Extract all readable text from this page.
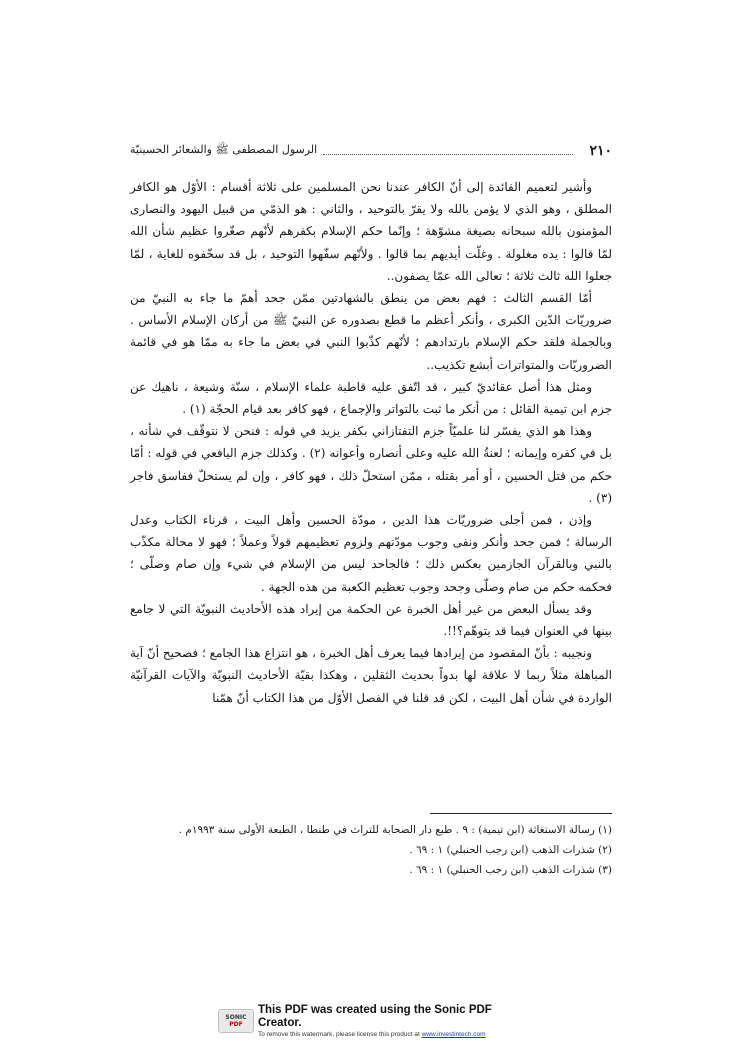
٢١٠
الرسول المصطفى ﷺ والشعائر الحسينيّة

وأشير لتعميم الفائدة إلى أنّ الكافر عندنا نحن المسلمين على ثلاثة أقسام : الأوّل هو الكافر المطلق ، وهو الذي لا يؤمن بالله ولا يقرّ بالتوحيد ، والثاني : هو الذمّي من قبيل اليهود والنصارى المؤمنون بالله سبحانه بصيغة مشوّهة ؛ وإنّما حكم الإسلام بكفرهم لأنّهم صغّروا عظيم شأن الله لمّا قالوا : يده مغلولة . وغلّت أيديهم بما قالوا . ولأنّهم سفّهوا التوحيد ، بل قد سخّفوه للغاية ، لمّا جعلوا الله ثالث ثلاثة ؛ تعالى الله عمّا يصفون..

أمّا القسم الثالث : فهم بعض من ينطق بالشهادتين ممّن جحد أهمّ ما جاء به النبيّ من ضروريّات الدّين الكبرى ، وأنكر أعظم ما قطع بصدوره عن النبيّ ﷺ من أركان الإسلام الأساس . وبالجملة فلقد حكم الإسلام بارتدادهم ؛ لأنّهم كذّبوا النبي في بعض ما جاء به ممّا هو في قائمة الضروريّات والمتواترات أبشع تكذيب..

ومثل هذا أصل عقائديّ كبير ، قد اتّفق عليه قاطبة علماء الإسلام ، سنّة وشيعة ، ناهيك عن جزم ابن تيمية القائل : من أنكر ما ثبت بالتواتر والإجماع ، فهو كافر بعد قيام الحجّة (١) .

وهذا هو الذي يفسّر لنا علميّاً جزم التفتازاني بكفر يزيد في قوله : فنحن لا نتوقّف في شأنه ، بل في كفره وإيمانه ؛ لعنةُ الله عليه وعلى أنصاره وأعوانه (٢) . وكذلك جزم اليافعي في قوله : أمّا حكم من قتل الحسين ، أو أمر بقتله ، ممّن استحلّ ذلك ، فهو كافر ، وإن لم يستحلّ ففاسق فاجر (٣) .

وإذن ، فمن أجلى ضروريّات هذا الدين ، مودّة الحسين وأهل البيت ، قرناء الكتاب وعدل الرسالة ؛ فمن جحد وأنكر ونفى وجوب مودّتهم ولزوم تعظيمهم قولاً وعملاً ؛ فهو لا محالة مكذّب بالنبي وبالقرآن الجازمين بعكس ذلك ؛ فالجاحد ليس من الإسلام في شيء وإن صام وصلّى ؛ فحكمه حكم من صام وصلّى وجحد وجوب تعظيم الكعبة من هذه الجهة .

وقد يسأل البعض من غير أهل الخبرة عن الحكمة من إيراد هذه الأحاديث النبويّة التي لا جامع بينها في العنوان فيما قد يتوهّم؟!!.

ونجيبه : بأنّ المقصود من إيرادها فيما يعرف أهل الخبرة ، هو انتزاع هذا الجامع ؛ فصحيح أنّ آية المباهلة مثلاً ربما لا علاقة لها بدواً بحديث الثقلين ، وهكذا بقيّة الأحاديث النبويّة والآيات القرآنيّة الواردة في شأن أهل البيت ، لكن قد قلنا في الفصل الأوّل من هذا الكتاب أنّ همّنا

(١) رسالة الاستغاثة (ابن تيمية) : ٩ . طبع دار الصحابة للتراث في طنطا ، الطبعة الأولى سنة ١٩٩٣م .

(٢) شذرات الذهب (ابن رجب الحنبلي) ١ : ٦٩ .

(٣) شذرات الذهب (ابن رجب الحنبلي) ١ : ٦٩ .

SONIC
PDF
This PDF was created using the Sonic PDF Creator.
To remove this watermark, please license this product at www.investintech.com
